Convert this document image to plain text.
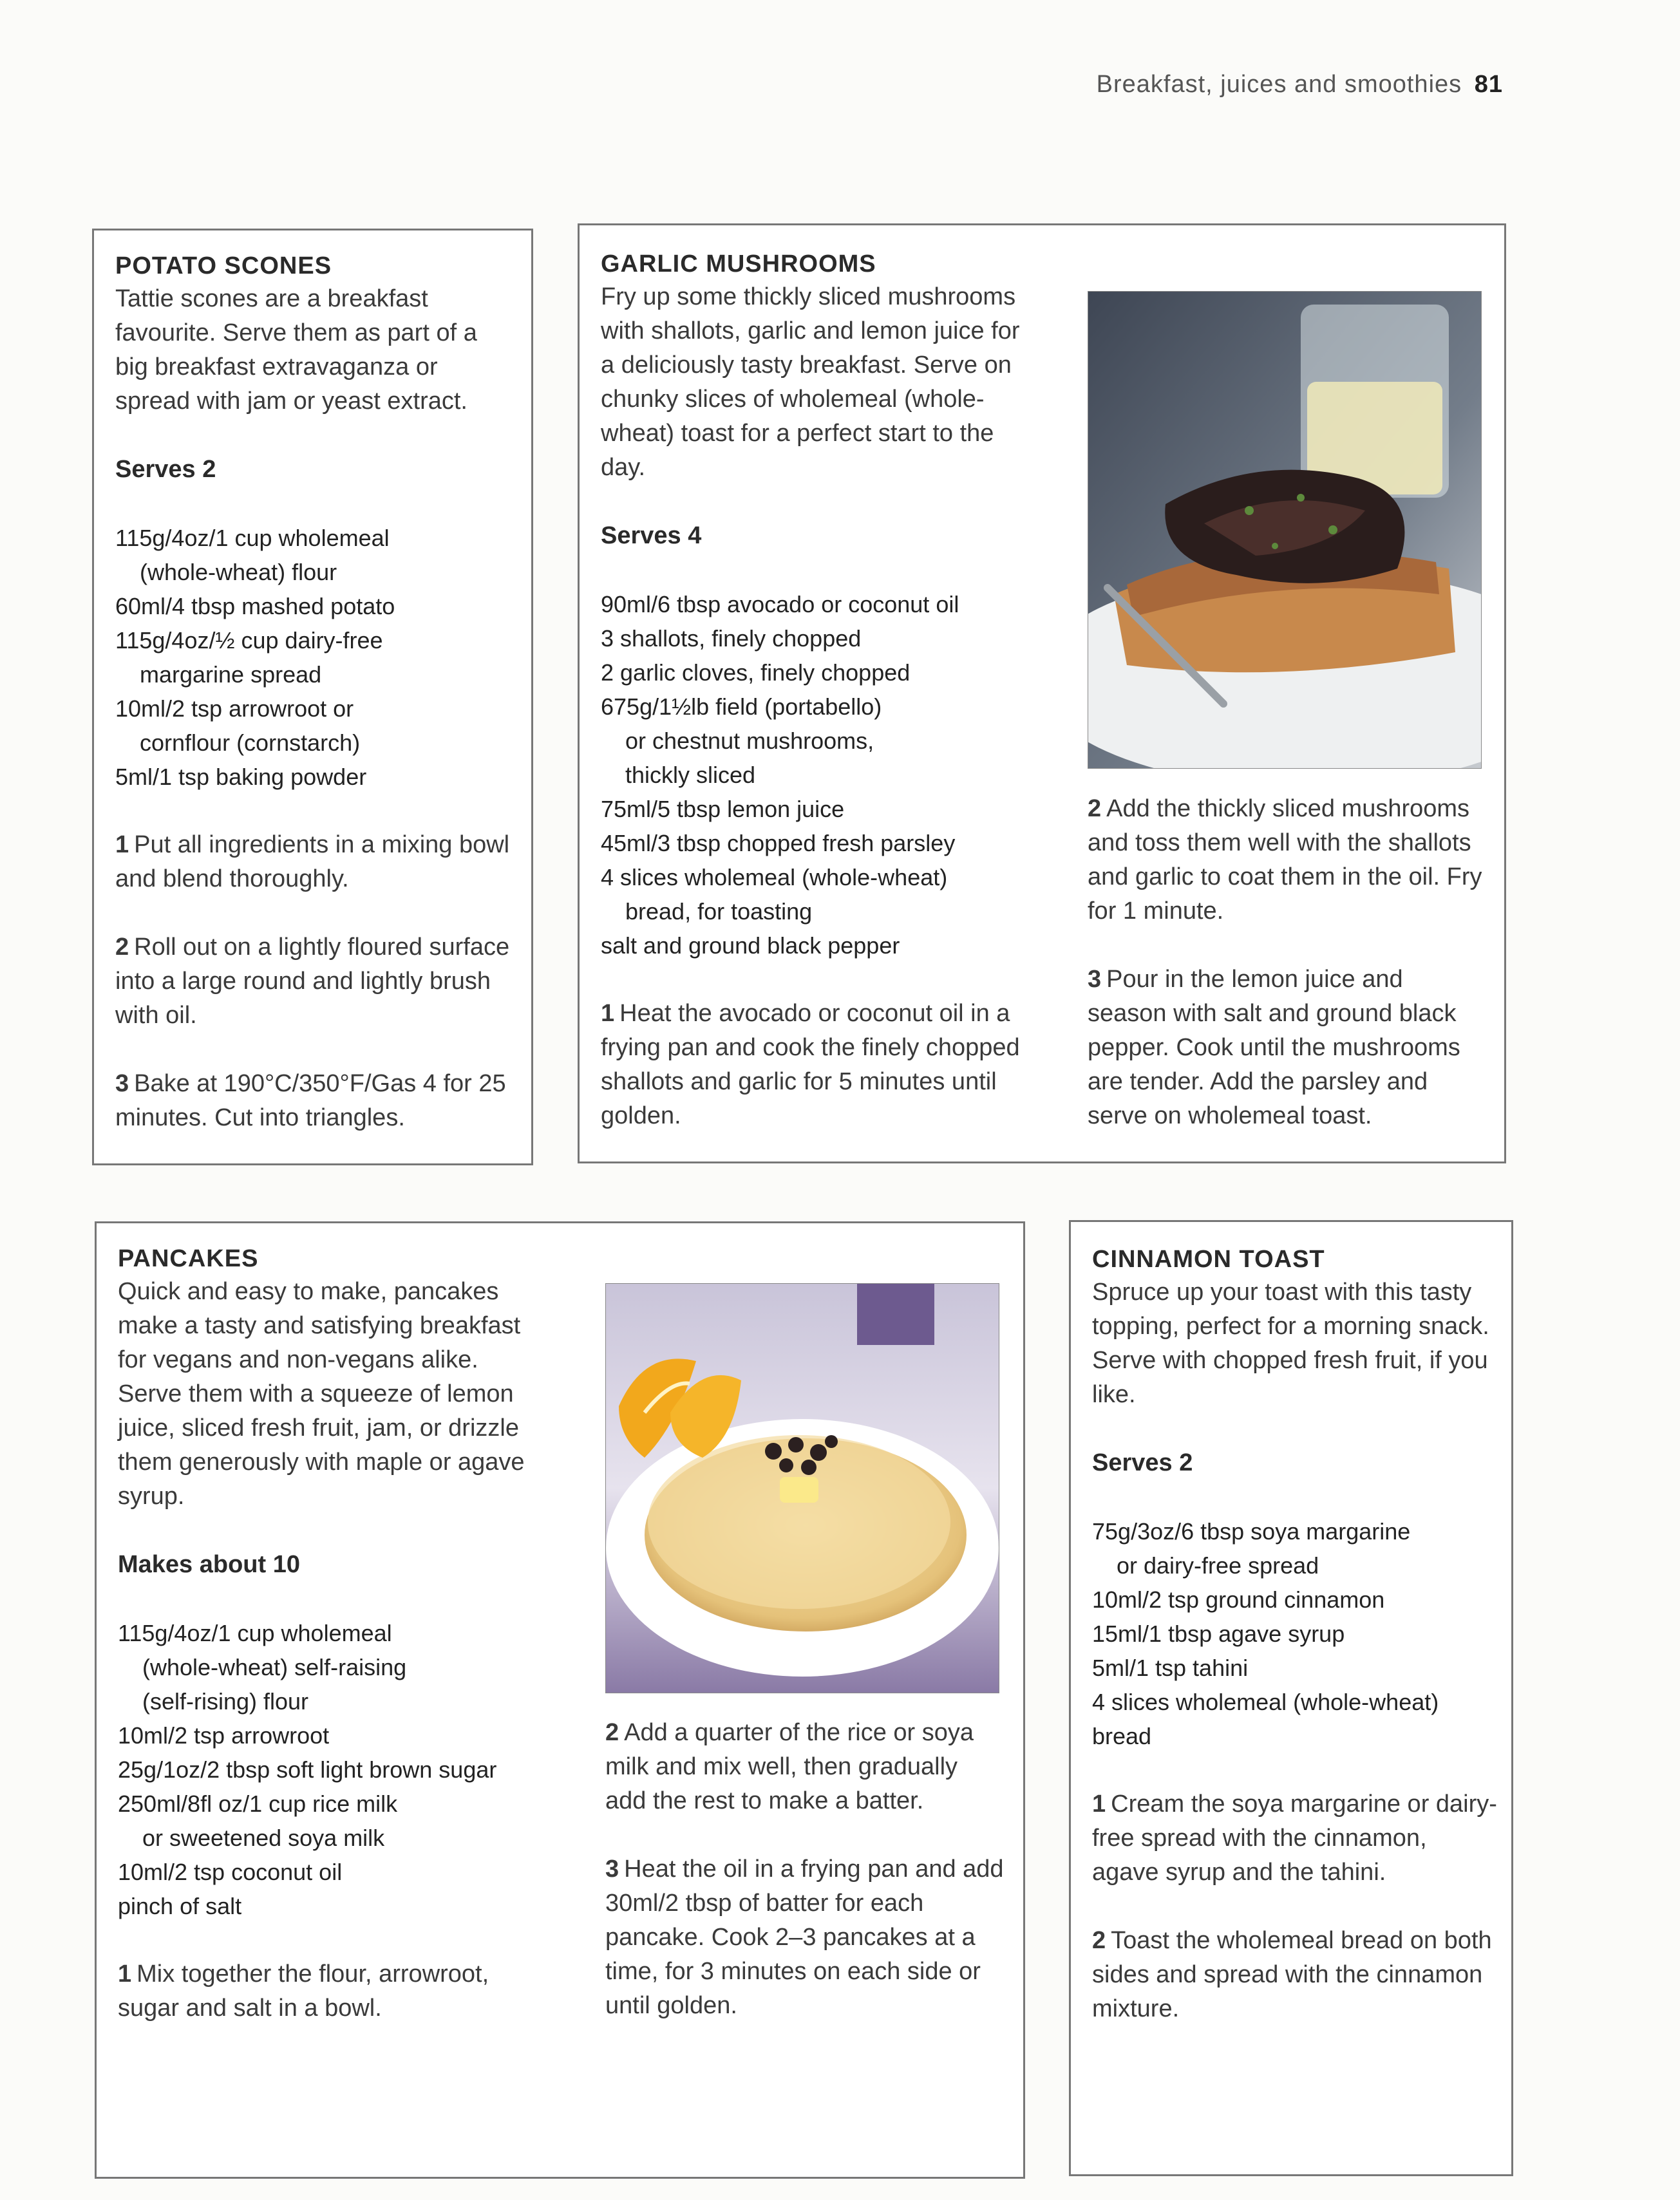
Breakfast, juices and smoothies 81

POTATO SCONES

Tattie scones are a breakfast favourite. Serve them as part of a big breakfast extravaganza or spread with jam or yeast extract.

Serves 2

115g/4oz/1 cup wholemeal
(whole-wheat) flour
60ml/4 tbsp mashed potato
115g/4oz/½ cup dairy-free
margarine spread
10ml/2 tsp arrowroot or
cornflour (cornstarch)
5ml/1 tsp baking powder

1 Put all ingredients in a mixing bowl and blend thoroughly.

2 Roll out on a lightly floured surface into a large round and lightly brush with oil.

3 Bake at 190°C/350°F/Gas 4 for 25 minutes. Cut into triangles.

GARLIC MUSHROOMS

Fry up some thickly sliced mushrooms with shallots, garlic and lemon juice for a deliciously tasty breakfast. Serve on chunky slices of wholemeal (whole-wheat) toast for a perfect start to the day.

Serves 4

90ml/6 tbsp avocado or coconut oil
3 shallots, finely chopped
2 garlic cloves, finely chopped
675g/1½lb field (portabello)
or chestnut mushrooms,
thickly sliced
75ml/5 tbsp lemon juice
45ml/3 tbsp chopped fresh parsley
4 slices wholemeal (whole-wheat)
bread, for toasting
salt and ground black pepper

1 Heat the avocado or coconut oil in a frying pan and cook the finely chopped shallots and garlic for 5 minutes until golden.

2 Add the thickly sliced mushrooms and toss them well with the shallots and garlic to coat them in the oil. Fry for 1 minute.

3 Pour in the lemon juice and season with salt and ground black pepper. Cook until the mushrooms are tender. Add the parsley and serve on wholemeal toast.

PANCAKES

Quick and easy to make, pancakes make a tasty and satisfying breakfast for vegans and non-vegans alike. Serve them with a squeeze of lemon juice, sliced fresh fruit, jam, or drizzle them generously with maple or agave syrup.

Makes about 10

115g/4oz/1 cup wholemeal
(whole-wheat) self-raising
(self-rising) flour
10ml/2 tsp arrowroot
25g/1oz/2 tbsp soft light brown sugar
250ml/8fl oz/1 cup rice milk
or sweetened soya milk
10ml/2 tsp coconut oil
pinch of salt

1 Mix together the flour, arrowroot, sugar and salt in a bowl.

2 Add a quarter of the rice or soya milk and mix well, then gradually add the rest to make a batter.

3 Heat the oil in a frying pan and add 30ml/2 tbsp of batter for each pancake. Cook 2–3 pancakes at a time, for 3 minutes on each side or until golden.

CINNAMON TOAST

Spruce up your toast with this tasty topping, perfect for a morning snack. Serve with chopped fresh fruit, if you like.

Serves 2

75g/3oz/6 tbsp soya margarine
or dairy-free spread
10ml/2 tsp ground cinnamon
15ml/1 tbsp agave syrup
5ml/1 tsp tahini
4 slices wholemeal (whole-wheat) bread

1 Cream the soya margarine or dairy-free spread with the cinnamon, agave syrup and the tahini.

2 Toast the wholemeal bread on both sides and spread with the cinnamon mixture.
